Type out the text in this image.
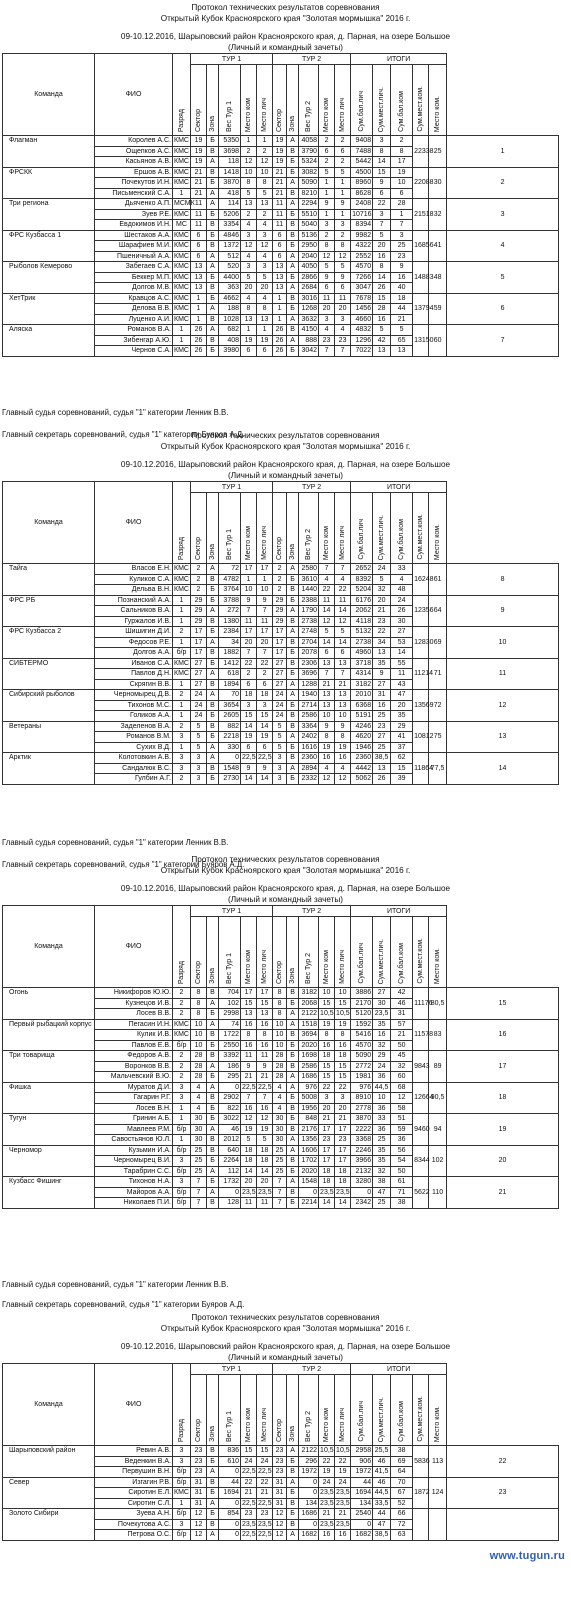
Протокол технических результатов соревнования
Открытый Кубок Красноярского края "Золотая мормышка" 2016 г.
09-10.12.2016, Шарыповский район Красноярского края, д. Парная, на озере Большое
(Личный и командный зачеты)
Команда	ФИО	Разряд	ТУР 1					ТУР 2					ИТОГИ					
			Сектор	Зона	Вес Тур 1	Место ком	Место лич	Сектор	Зона	Вес Тур 2	Место ком	Место лич	Сум.бал.лич	Сум.мест.лич.	Сум.бал.ком	Сум.мест.ком.	Место ком.	
Флагман	Королев А.С.	КМС	19	Б	5350	1	1	19	А	4058	2	2	9408	3	2	22338	25	1
	Ощепков А.С.	КМС	19	В	3698	2	2	19	В	3790	6	6	7488	8	8			
	Касьянов А.В.	КМС	19	А	118	12	12	19	Б	5324	2	2	5442	14	17			
ФРСКК	Ершов А.В.	КМС	21	В	1418	10	10	21	Б	3082	5	5	4500	15	19	22088	30	2
	Почекутов И.Н.	КМС	21	Б	3870	8	8	21	А	5090	1	1	8960	9	10			
	Письменский С.А.	1	21	А	418	5	5	21	В	8210	1	1	8628	6	6			
Три региона	Дьяченко А.П.	МСМК	11	А	114	13	13	11	А	2294	9	9	2408	22	28	21518	32	3
	Зуев Р.Е.	КМС	11	Б	5206	2	2	11	Б	5510	1	1	10716	3	1			
	Евдокимов И.Н.	МС	11	В	3354	4	4	11	В	5040	3	3	8394	7	7			
ФРС Кузбасса 1	Шестаков А.А.	КМС	6	Б	4846	3	3	6	В	5136	2	2	9982	5	3	16856	41	4
	Шарафиев М.И.	КМС	6	В	1372	12	12	6	Б	2950	8	8	4322	20	25			
	Пшеничный А.А.	КМС	6	А	512	4	4	6	А	2040	12	12	2552	16	23			
Рыболов Кемерово	Забегаев С.А.	КМС	13	А	520	3	3	13	А	4050	5	5	4570	8	9	14883	48	5
	Беккер М.П.	КМС	13	Б	4400	5	5	13	Б	2866	9	9	7266	14	16			
	Долгов М.В.	КМС	13	В	363	20	20	13	А	2684	6	6	3047	26	40			
ХетТрик	Кравцов А.С.	КМС	1	Б	4662	4	4	1	В	3016	11	11	7678	15	18	13794	59	6
	Делова В.В.	КМС	1	А	188	8	8	1	Б	1268	20	20	1456	28	44			
	Луценко А.И.	КМС	1	В	1028	13	13	1	А	3632	3	3	4660	16	21			
Аляска	Романов В.А.	1	26	А	682	1	1	26	В	4150	4	4	4832	5	5	13150	60	7
	Зибенгар А.Ю.	1	26	В	408	19	19	26	А	888	23	23	1296	42	65			
	Чернов С.А.	КМС	26	Б	3980	6	6	26	Б	3042	7	7	7022	13	13			
Главный судья соревнований, судья "1" категории Ленник В.В.
Главный секретарь соревнований, судья "1" категории Буяров А.Д.
Протокол технических результатов соревнования
Открытый Кубок Красноярского края "Золотая мормышка" 2016 г.
09-10.12.2016, Шарыповский район Красноярского края, д. Парная, на озере Большое
(Личный и командный зачеты)
Команда	ФИО	Разряд	ТУР 1					ТУР 2					ИТОГИ					
			Сектор	Зона	Вес Тур 1	Место ком	Место лич	Сектор	Зона	Вес Тур 2	Место ком	Место лич	Сум.бал.лич	Сум.мест.лич.	Сум.бал.ком	Сум.мест.ком.	Место ком.	
Тайга	Власов Е.Н.	КМС	2	А	72	17	17	2	А	2580	7	7	2652	24	33	16248	61	8
	Куликов С.А.	КМС	2	В	4782	1	1	2	Б	3610	4	4	8392	5	4			
	Дельва В.Н.	КМС	2	Б	3764	10	10	2	В	1440	22	22	5204	32	48			
ФРС РБ	Познанский А.А.	1	29	Б	3788	9	9	29	Б	2388	11	11	6176	20	24	12356	64	9
	Сальников В.А.	1	29	А	272	7	7	29	А	1790	14	14	2062	21	26			
	Гуржалов И.В.	1	29	В	1380	11	11	29	В	2738	12	12	4118	23	30			
ФРС Кузбасса 2	Шишигин Д.И.	2	17	Б	2384	17	17	17	А	2748	5	5	5132	22	27	12830	69	10
	Федосов Р.Е.	1	17	А	34	20	20	17	В	2704	14	14	2738	34	53			
	Долгов А.А.	б/р	17	В	1882	7	7	17	Б	2078	6	6	4960	13	14			
СИБТЕРМО	Иванов С.А.	КМС	27	Б	1412	22	22	27	В	2306	13	13	3718	35	55	11214	71	11
	Павлов Д.Н.	КМС	27	А	618	2	2	27	Б	3696	7	7	4314	9	11			
	Скрягин В.В.	1	27	В	1894	6	6	27	А	1288	21	21	3182	27	43			
Сибирский рыболов	Черномырец Д.В.	2	24	А	70	18	18	24	А	1940	13	13	2010	31	47	13569	72	12
	Тихонов М.С.	1	24	В	3654	3	3	24	Б	2714	13	13	6368	16	20			
	Голиков А.А.	1	24	Б	2605	15	15	24	В	2586	10	10	5191	25	35			
Ветераны	Заделенов В.А.	2	5	В	882	14	14	5	В	3364	9	9	4246	23	29	10812	75	13
	Романов В.М.	3	5	Б	2218	19	19	5	А	2402	8	8	4620	27	41			
	Сухих В.Д.	1	5	А	330	6	6	5	Б	1616	19	19	1946	25	37			
Арктик	Колотовкин А.В.	3	3	А	0	22,5	22,5	3	В	2360	16	16	2360	38,5	62	11864	77,5	14
	Сандалюк В.С.	3	3	В	1548	9	9	3	А	2894	4	4	4442	13	15			
	Гулбин А.Г.	2	3	Б	2730	14	14	3	Б	2332	12	12	5062	26	39			
Главный судья соревнований, судья "1" категории Ленник В.В.
Главный секретарь соревнований, судья "1" категории Буяров А.Д.
Протокол технических результатов соревнования
Открытый Кубок Красноярского края "Золотая мормышка" 2016 г.
09-10.12.2016, Шарыповский район Красноярского края, д. Парная, на озере Большое
(Личный и командный зачеты)
Команда	ФИО	Разряд	ТУР 1					ТУР 2					ИТОГИ					
			Сектор	Зона	Вес Тур 1	Место ком	Место лич	Сектор	Зона	Вес Тур 2	Место ком	Место лич	Сум.бал.лич	Сум.мест.лич.	Сум.бал.ком	Сум.мест.ком.	Место ком.	
Огонь	Никифоров Ю.Ю.	2	8	В	704	17	17	8	В	3182	10	10	3886	27	42	11176	80,5	15
	Кузнецов И.В.	2	8	А	102	15	15	8	Б	2068	15	15	2170	30	46			
	Лосев В.В.	2	8	Б	2998	13	13	8	А	2122	10,5	10,5	5120	23,5	31			
Первый рыбацкий корпус	Пегасин И.Н.	КМС	10	А	74	16	16	10	А	1518	19	19	1592	35	57	11578	83	16
	Кулик И.В.	КМС	10	В	1722	8	8	10	В	3694	8	8	5416	16	21			
	Павлов Е.В.	б/р	10	Б	2550	16	16	10	Б	2020	16	16	4570	32	50			
Три товарища	Федоров А.В.	2	28	В	3392	11	11	28	Б	1698	18	18	5090	29	45	9843	89	17
	Воронков В.В.	2	28	А	186	9	9	28	В	2586	15	15	2772	24	32			
	Мальчевский В.Ю.	2	28	Б	295	21	21	28	А	1686	15	15	1981	36	60			
Фишка	Муратов Д.И.	3	4	А	0	22,5	22,5	4	А	976	22	22	976	44,5	68	12664	90,5	18
	Гагарин Р.Г.	3	4	В	2902	7	7	4	Б	5008	3	3	8910	10	12			
	Лосев В.Н.	1	4	Б	822	16	16	4	В	1956	20	20	2778	36	58			
Тугун	Гринин А.Б.	1	30	Б	3022	12	12	30	Б	848	21	21	3870	33	51	9460	94	19
	Мавлеев Р.М.	б/р	30	А	46	19	19	30	В	2176	17	17	2222	36	59			
	Савостьянов Ю.Л.	1	30	В	2012	5	5	30	А	1356	23	23	3368	25	36			
Черномор	Кузьмин И.А.	б/р	25	В	640	18	18	25	А	1606	17	17	2246	35	56	8344	102	20
	Черномырец В.И.	3	25	Б	2264	18	18	25	В	1702	17	17	3966	35	54			
	Тарабрин С.С.	б/р	25	А	112	14	14	25	Б	2020	18	18	2132	32	50			
Кузбасс Фишинг	Тихонов Н.А.	3	7	Б	1732	20	20	7	А	1548	18	18	3280	38	61	5622	110	21
	Майоров А.А.	б/р	7	А	0	23,5	23,5	7	В	0	23,5	23,5	0	47	71			
	Николаев П.И.	б/р	7	В	128	11	11	7	Б	2214	14	14	2342	25	38			
Главный судья соревнований, судья "1" категории Ленник В.В.
Главный секретарь соревнований, судья "1" категории Буяров А.Д.
Протокол технических результатов соревнования
Открытый Кубок Красноярского края "Золотая мормышка" 2016 г.
09-10.12.2016, Шарыповский район Красноярского края, д. Парная, на озере Большое
(Личный и командный зачеты)
Команда	ФИО	Разряд	ТУР 1					ТУР 2					ИТОГИ					
			Сектор	Зона	Вес Тур 1	Место ком	Место лич	Сектор	Зона	Вес Тур 2	Место ком	Место лич	Сум.бал.лич	Сум.мест.лич.	Сум.бал.ком	Сум.мест.ком.	Место ком.	
Шарыповский район	Ревин А.В.	3	23	В	836	15	15	23	А	2122	10,5	10,5	2958	25,5	38	5836	113	22
	Веденкин В.А.	3	23	Б	610	24	24	23	Б	296	22	22	906	46	69			
	Первушин В.Н.	б/р	23	А	0	22,5	22,5	23	В	1972	19	19	1972	41,5	64			
Север	Изгагин Р.В.	б/р	31	В	44	22	22	31	А	0	24	24	44	46	70	1872	124	23
	Сиротин Е.Л.	КМС	31	Б	1694	21	21	31	Б	0	23,5	23,5	1694	44,5	67			
	Сиротин С.Л.	1	31	А	0	22,5	22,5	31	В	134	23,5	23,5	134	33,5	52			
Золото Сибири	Зуева А.Н.	б/р	12	Б	854	23	23	12	Б	1686	21	21	2540	44	66			
	Почекутова А.С.	3	12	В	0	23,5	23,5	12	В	0	23,5	23,5	0	47	72			
	Петрова О.С.	б/р	12	А	0	22,5	22,5	12	А	1682	16	16	1682	38,5	63			
www.tugun.ru
